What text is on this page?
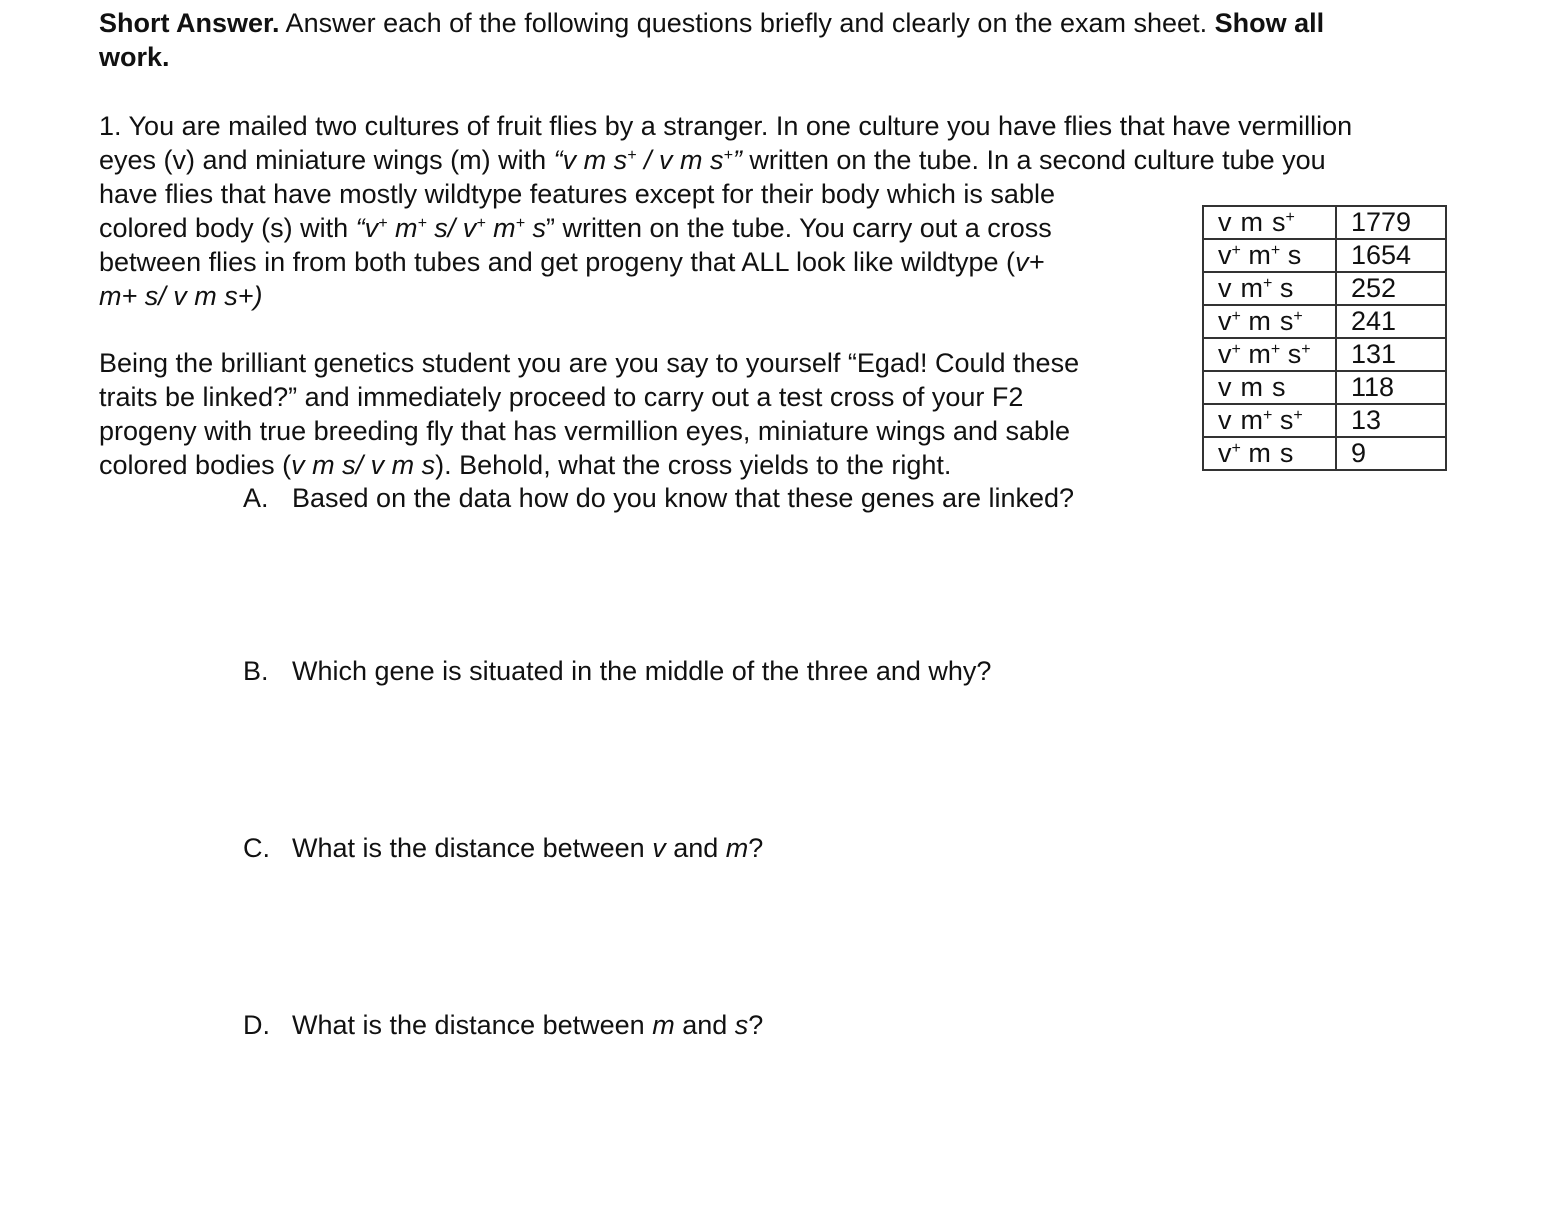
Short Answer. Answer each of the following questions briefly and clearly on the exam sheet. Show all
work.
1. You are mailed two cultures of fruit flies by a stranger. In one culture you have flies that have vermillion
eyes (v) and miniature wings (m) with “v m s+ / v m s+” written on the tube. In a second culture tube you
have flies that have mostly wildtype features except for their body which is sable
colored body (s) with “v+ m+ s/ v+ m+ s” written on the tube. You carry out a cross
between flies in from both tubes and get progeny that ALL look like wildtype (v+
m+ s/ v m s+)
Being the brilliant genetics student you are you say to yourself “Egad! Could these
traits be linked?” and immediately proceed to carry out a test cross of your F2
progeny with true breeding fly that has vermillion eyes, miniature wings and sable
colored bodies (v m s/ v m s). Behold, what the cross yields to the right.
v m s+	1779
v+ m+ s	1654
v m+ s	252
v+ m s+	241
v+ m+ s+	131
v m s	118
v m+ s+	13
v+ m s	9
A. Based on the data how do you know that these genes are linked?
B. Which gene is situated in the middle of the three and why?
C. What is the distance between v and m?
D. What is the distance between m and s?
